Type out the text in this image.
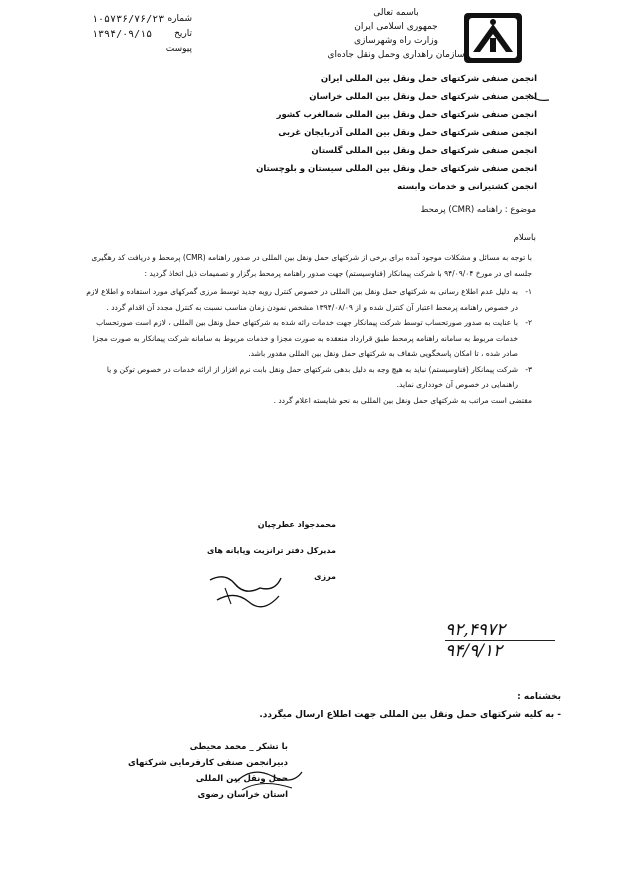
باسمه تعالی
جمهوری اسلامی ایران
وزارت راه وشهرسازی
سازمان راهداری وحمل ونقل جاده‌ای
شماره
۱۰۵۷۳۶/۷۶/۲۳
تاریخ
۱۳۹۴/۰۹/۱۵
پیوست
انجمن صنفی شرکتهای حمل ونقل بین المللی ایران
انجمن صنفی شرکتهای حمل ونقل بین المللی خراسان
انجمن صنفی شرکتهای حمل ونقل بین المللی شمالغرب کشور
انجمن صنفی شرکتهای حمل ونقل بین المللی آذربایجان غربی
انجمن صنفی شرکتهای حمل ونقل بین المللی گلستان
انجمن صنفی شرکتهای حمل ونقل بین المللی سیستان و بلوچستان
انجمن کشتیرانی و خدمات وابسته
موضوع : راهنامه (CMR) پرمحط
باسلام

با توجه به مسائل و مشکلات موجود آمده برای برخی از شرکتهای حمل ونقل بین المللی در صدور راهنامه (CMR) پرمحط و دریافت کد رهگیری جلسه ای در مورخ ۹۴/۰۹/۰۴ با شرکت پیمانکار (فناوسیستم) جهت صدور راهنامه پرمحط برگزار و تصمیمات ذیل اتخاذ گردید :

۱-
به دلیل عدم اطلاع رسانی به شرکتهای حمل ونقل بین المللی در خصوص کنترل رویه جدید توسط مرزی گمرکهای مورد استفاده و اطلاع لازم در خصوص راهنامه پرمحط اعتبار آن کنترل شده و از ۱۳۹۴/۰۸/۰۹ مشخص نمودن زمان مناسب نسبت به کنترل مجدد آن اقدام گردد .
۲-
با عنایت به صدور صورتحساب توسط شرکت پیمانکار جهت خدمات رائه شده به شرکتهای حمل ونقل بین المللی ، لازم است صورتحساب خدمات مربوط به سامانه راهنامه پرمحط طبق قرارداد منعقده به صورت مجزا و خدمات مربوط به سامانه شرکت پیمانکار به صورت مجزا صادر شده ، تا امکان پاسخگویی شفاف به شرکتهای حمل ونقل بین المللی مقدور باشد.
۳-
شرکت پیمانکار (فناوسیستم) نباید به هیچ وجه به دلیل بدهی شرکتهای حمل ونقل بابت نرم افزار از ارائه خدمات در خصوص توکن و یا راهنمایی در خصوص آن خودداری نماید.

مقتضی است مراتب به شرکتهای حمل ونقل بین المللی به نحو شایسته اعلام گردد .

محمدجواد عطرچیان
مدیرکل دفتر ترانزیت وپایانه های مرزی
۹۲,۴۹۷۲
۹۴/۹/۱۲
بخشنامه :
- به کلیه شرکتهای حمل ونقل بین المللی جهت اطلاع ارسال میگردد.
با تشکر _ محمد محیطی
دبیرانجمن صنفی کارفرمایی شرکتهای حمل ونقل بین المللی
استان خراسان رضوی
